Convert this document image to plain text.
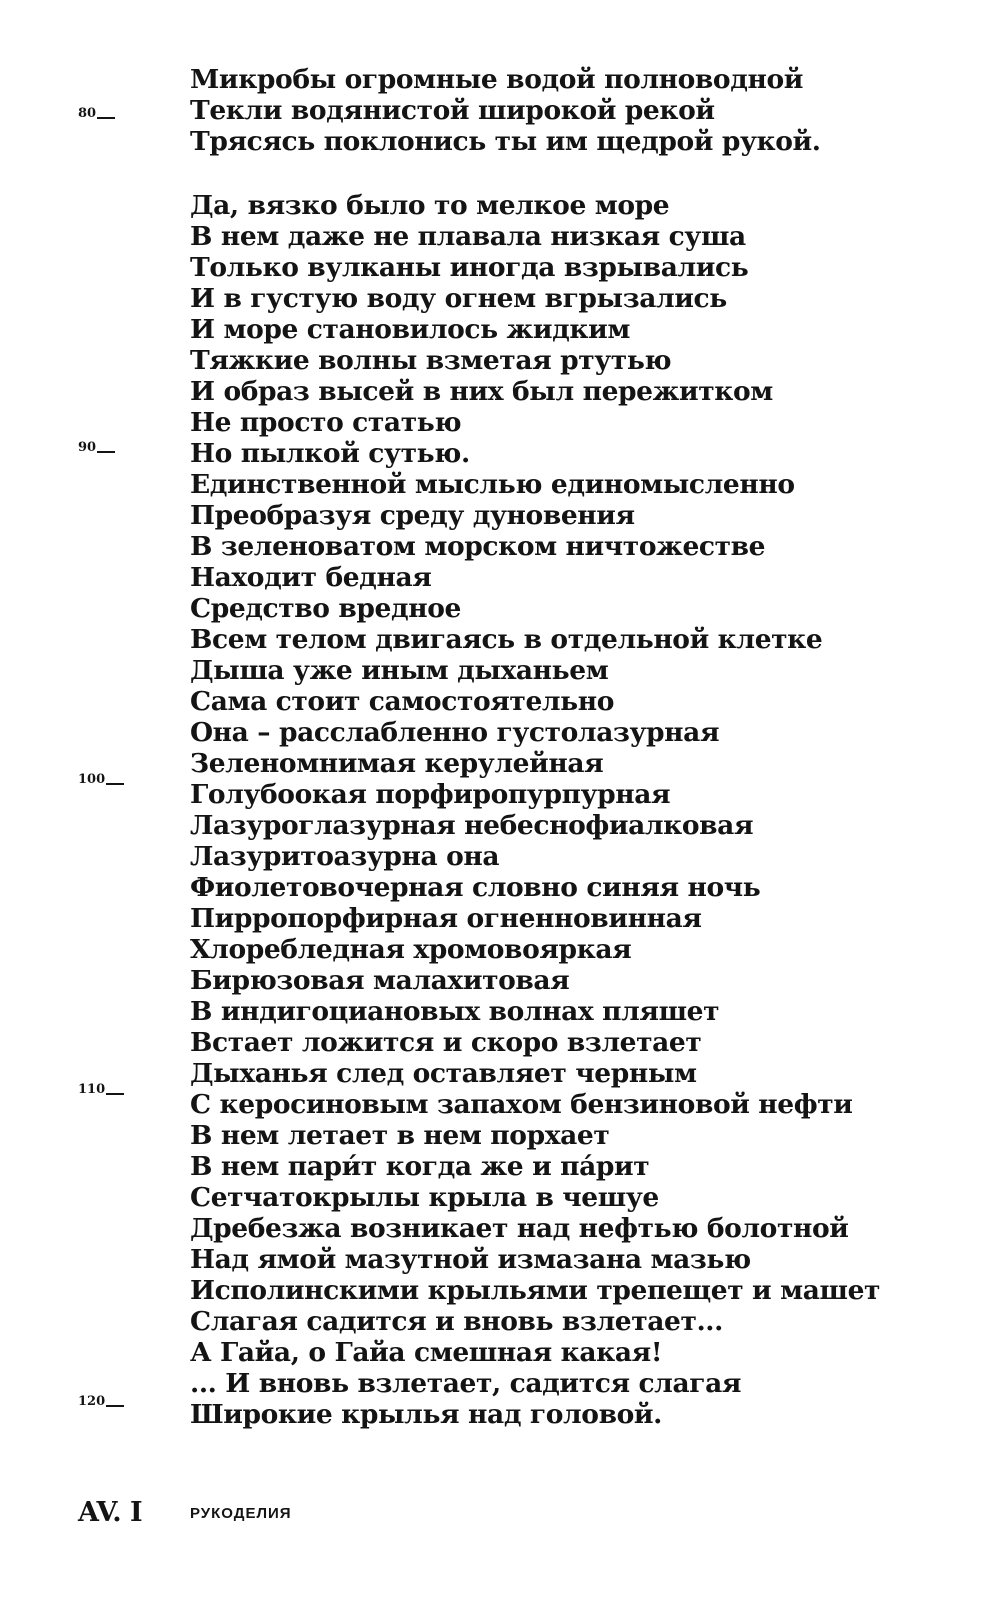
80
90
100
110
120
Микробы огромные водой полноводной
Текли водянистой широкой рекой
Трясясь поклонись ты им щедрой рукой.
Да, вязко было то мелкое море
В нем даже не плавала низкая суша
Только вулканы иногда взрывались
И в густую воду огнем вгрызались
И море становилось жидким
Тяжкие волны взметая ртутью
И образ высей в них был пережитком
Не просто статью
Но пылкой сутью.
Единственной мыслью единомысленно
Преобразуя среду дуновения
В зеленоватом морском ничтожестве
Находит бедная
Средство вредное
Всем телом двигаясь в отдельной клетке
Дыша уже иным дыханьем
Сама стоит самостоятельно
Она – расслабленно густолазурная
Зеленомнимая керулейная
Голубоокая порфиропурпурная
Лазуроглазурная небеснофиалковая
Лазуритоазурна она
Фиолетовочерная словно синяя ночь
Пирропорфирная огненновинная
Хлоребледная хромовояркая
Бирюзовая малахитовая
В индигоциановых волнах пляшет
Встает ложится и скоро взлетает
Дыханья след оставляет черным
С керосиновым запахом бензиновой нефти
В нем летает в нем порхает
В нем пари́т когда же и па́рит
Сетчатокрылы крыла в чешуе
Дребезжа возникает над нефтью болотной
Над ямой мазутной измазана мазью
Исполинскими крыльями трепещет и машет
Слагая садится и вновь взлетает...
А Гайа, о Гайа смешная какая!
... И вновь взлетает, садится слагая
Широкие крылья над головой.
AV. I	РУКОДЕЛИЯ
